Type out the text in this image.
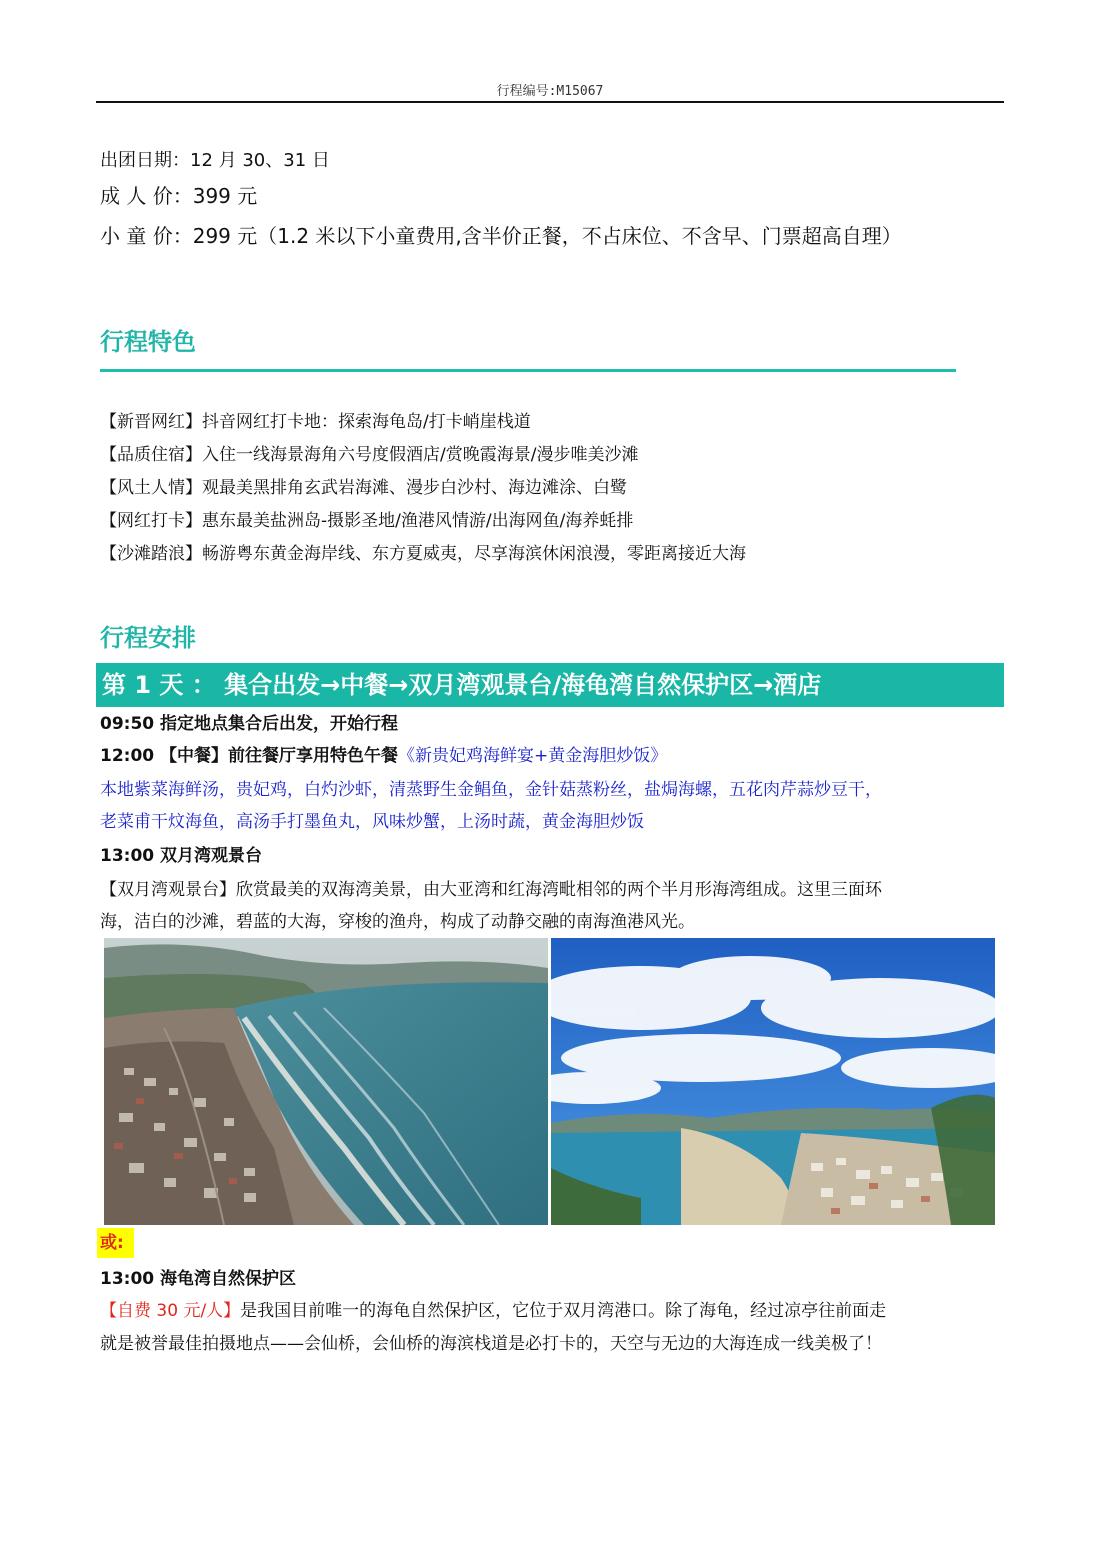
行程编号:M15067
出团日期：12 月 30、31 日
成 人 价：399 元
小 童 价：299 元（1.2 米以下小童费用,含半价正餐，不占床位、不含早、门票超高自理）
行程特色
【新晋网红】抖音网红打卡地：探索海龟岛/打卡峭崖栈道
【品质住宿】入住一线海景海角六号度假酒店/赏晚霞海景/漫步唯美沙滩
【风土人情】观最美黑排角玄武岩海滩、漫步白沙村、海边滩涂、白鹭
【网红打卡】惠东最美盐洲岛-摄影圣地/渔港风情游/出海网鱼/海养蚝排
【沙滩踏浪】畅游粤东黄金海岸线、东方夏威夷，尽享海滨休闲浪漫，零距离接近大海
行程安排
第 1 天 ： 集合出发→中餐→双月湾观景台/海龟湾自然保护区→酒店
09:50 指定地点集合后出发，开始行程
12:00 【中餐】前往餐厅享用特色午餐《新贵妃鸡海鲜宴+黄金海胆炒饭》
本地紫菜海鲜汤，贵妃鸡，白灼沙虾，清蒸野生金鲳鱼，金针菇蒸粉丝，盐焗海螺，五花肉芹蒜炒豆干，
老菜甫干炆海鱼，高汤手打墨鱼丸，风味炒蟹，上汤时蔬，黄金海胆炒饭
13:00 双月湾观景台
【双月湾观景台】欣赏最美的双海湾美景，由大亚湾和红海湾毗相邻的两个半月形海湾组成。这里三面环
海，洁白的沙滩，碧蓝的大海，穿梭的渔舟，构成了动静交融的南海渔港风光。
或:
13:00 海龟湾自然保护区
【自费 30 元/人】是我国目前唯一的海龟自然保护区，它位于双月湾港口。除了海龟，经过凉亭往前面走
就是被誉最佳拍摄地点——会仙桥，会仙桥的海滨栈道是必打卡的，天空与无边的大海连成一线美极了！
